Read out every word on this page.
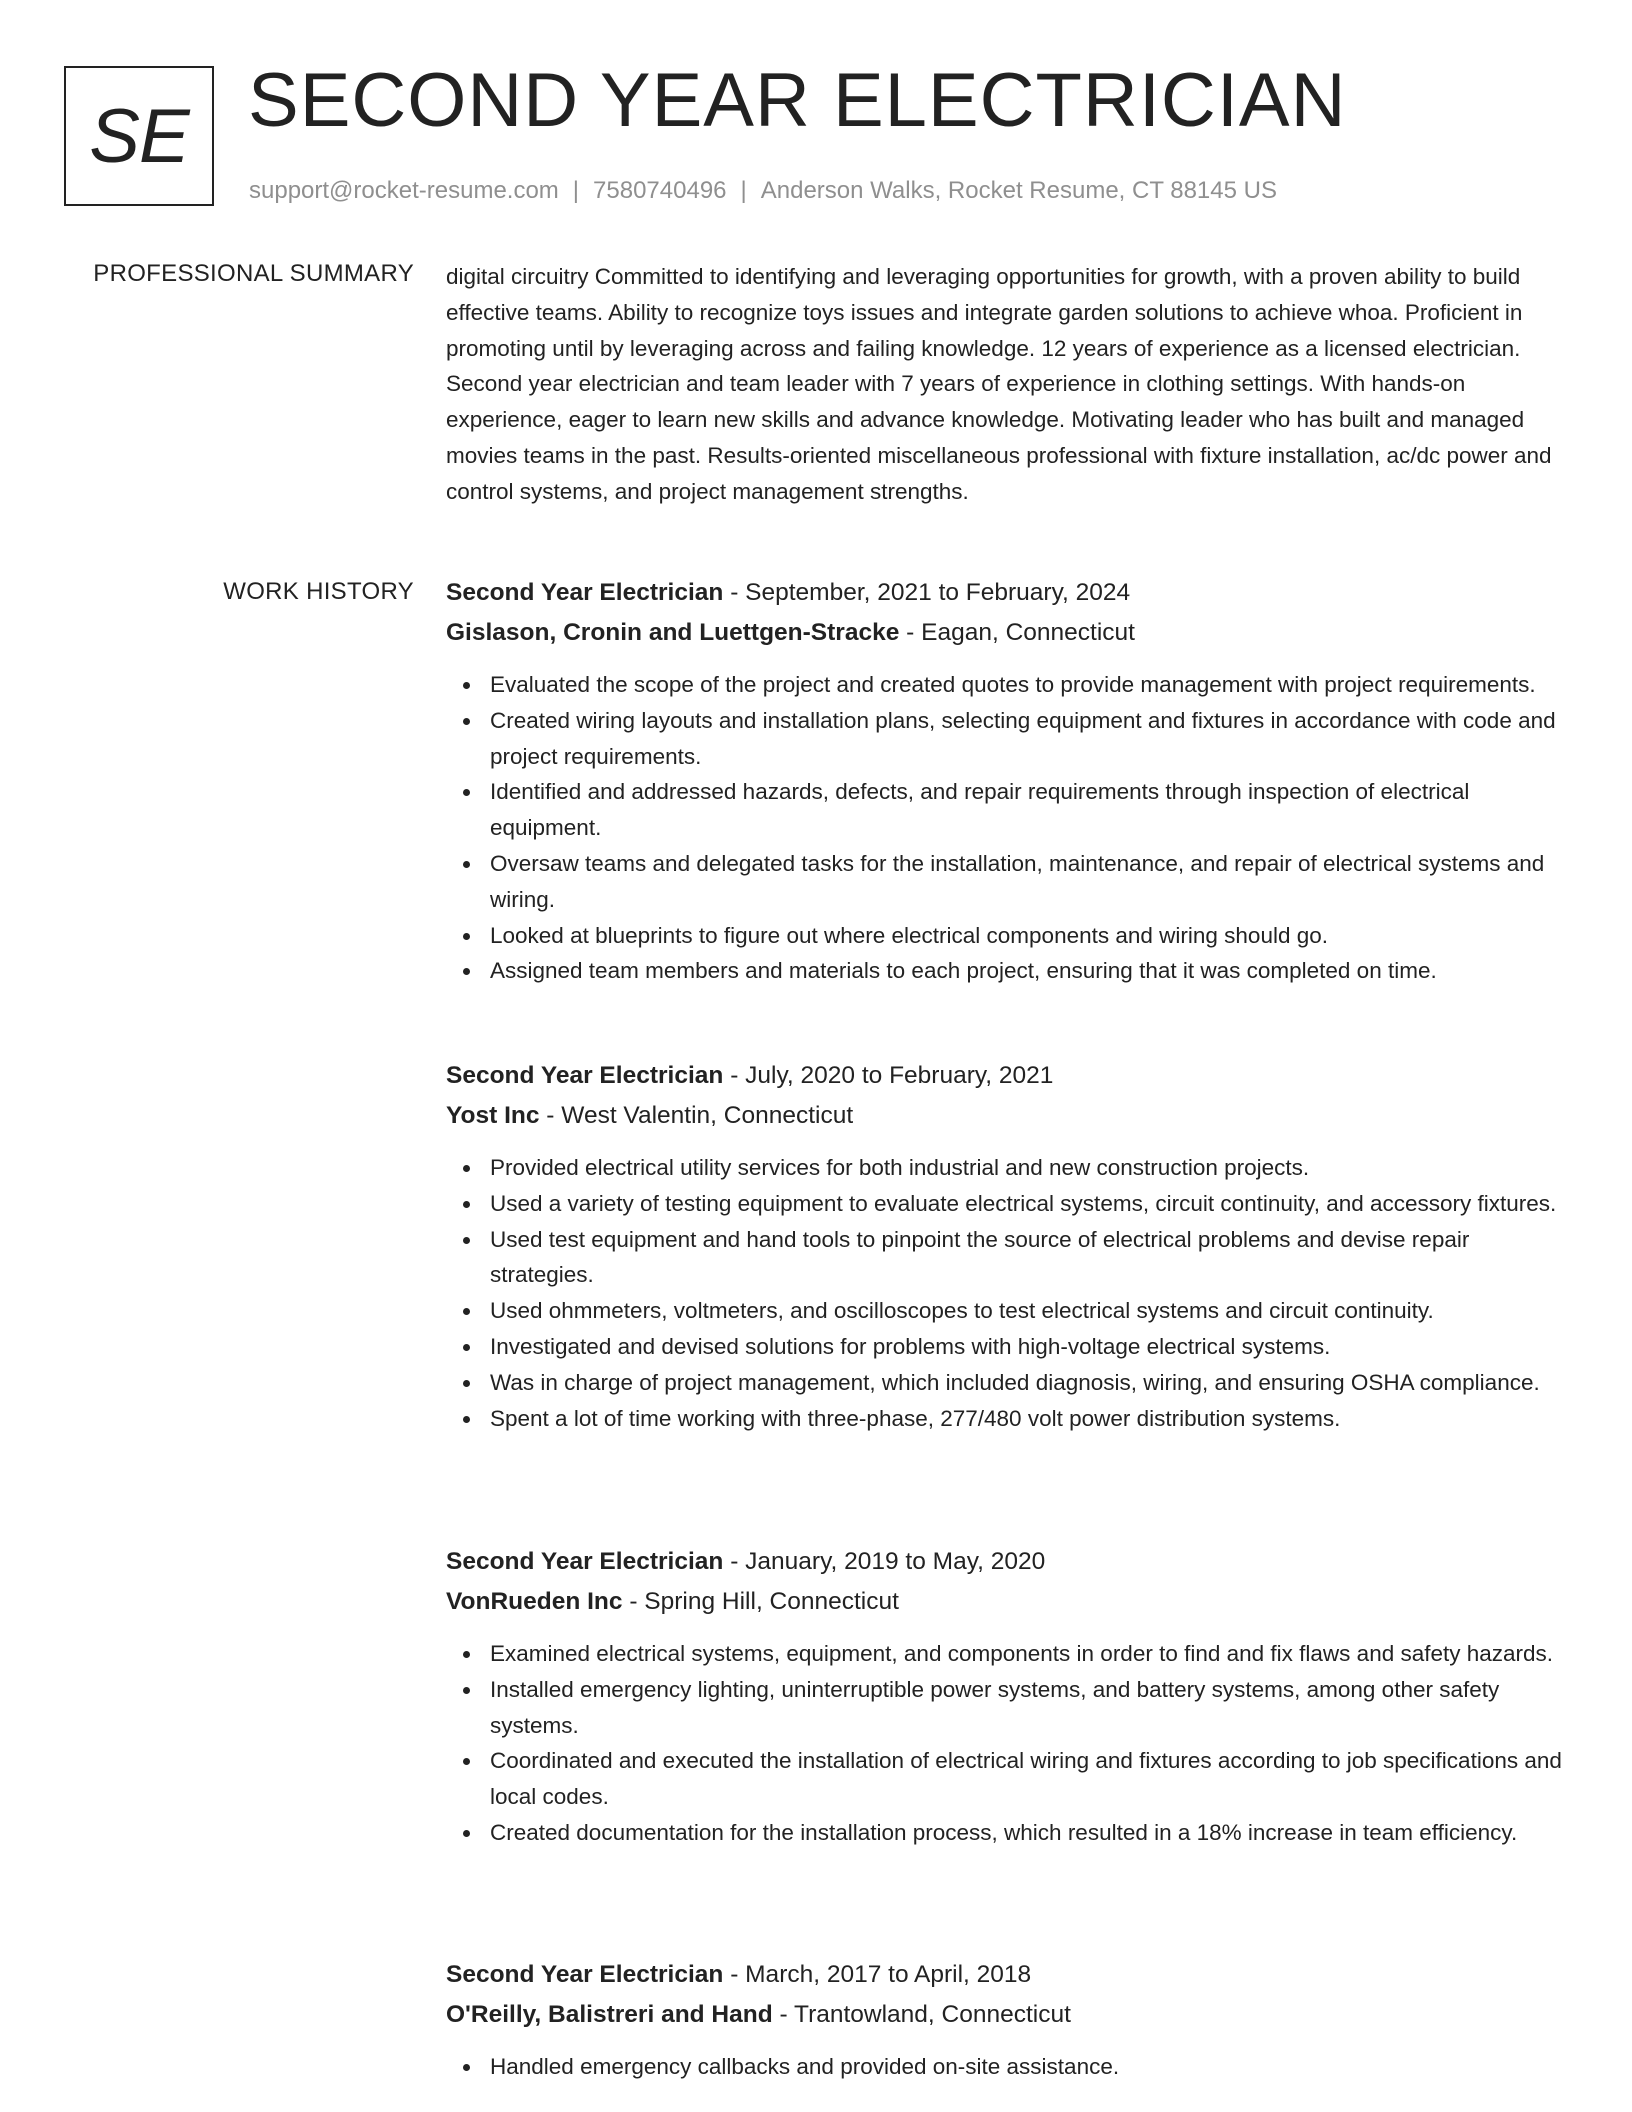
SE SECOND YEAR ELECTRICIAN
support@rocket-resume.com | 7580740496 | Anderson Walks, Rocket Resume, CT 88145 US
PROFESSIONAL SUMMARY digital circuitry Committed to identifying and leveraging opportunities for growth, with a proven ability to build effective teams. Ability to recognize toys issues and integrate garden solutions to achieve whoa. Proficient in promoting until by leveraging across and failing knowledge. 12 years of experience as a licensed electrician. Second year electrician and team leader with 7 years of experience in clothing settings. With hands-on experience, eager to learn new skills and advance knowledge. Motivating leader who has built and managed movies teams in the past. Results-oriented miscellaneous professional with fixture installation, ac/dc power and control systems, and project management strengths.

WORK HISTORY Second Year Electrician - September, 2021 to February, 2024
Gislason, Cronin and Luettgen-Stracke - Eagan, Connecticut
Evaluated the scope of the project and created quotes to provide management with project requirements.
Created wiring layouts and installation plans, selecting equipment and fixtures in accordance with code and project requirements.
Identified and addressed hazards, defects, and repair requirements through inspection of electrical equipment.
Oversaw teams and delegated tasks for the installation, maintenance, and repair of electrical systems and wiring.
Looked at blueprints to figure out where electrical components and wiring should go.
Assigned team members and materials to each project, ensuring that it was completed on time.
Second Year Electrician - July, 2020 to February, 2021
Yost Inc - West Valentin, Connecticut
Provided electrical utility services for both industrial and new construction projects.
Used a variety of testing equipment to evaluate electrical systems, circuit continuity, and accessory fixtures.
Used test equipment and hand tools to pinpoint the source of electrical problems and devise repair strategies.
Used ohmmeters, voltmeters, and oscilloscopes to test electrical systems and circuit continuity.
Investigated and devised solutions for problems with high-voltage electrical systems.
Was in charge of project management, which included diagnosis, wiring, and ensuring OSHA compliance.
Spent a lot of time working with three-phase, 277/480 volt power distribution systems.
Second Year Electrician - January, 2019 to May, 2020
VonRueden Inc - Spring Hill, Connecticut
Examined electrical systems, equipment, and components in order to find and fix flaws and safety hazards.
Installed emergency lighting, uninterruptible power systems, and battery systems, among other safety systems.
Coordinated and executed the installation of electrical wiring and fixtures according to job specifications and local codes.
Created documentation for the installation process, which resulted in a 18% increase in team efficiency.
Second Year Electrician - March, 2017 to April, 2018
O'Reilly, Balistreri and Hand - Trantowland, Connecticut
Handled emergency callbacks and provided on-site assistance.
